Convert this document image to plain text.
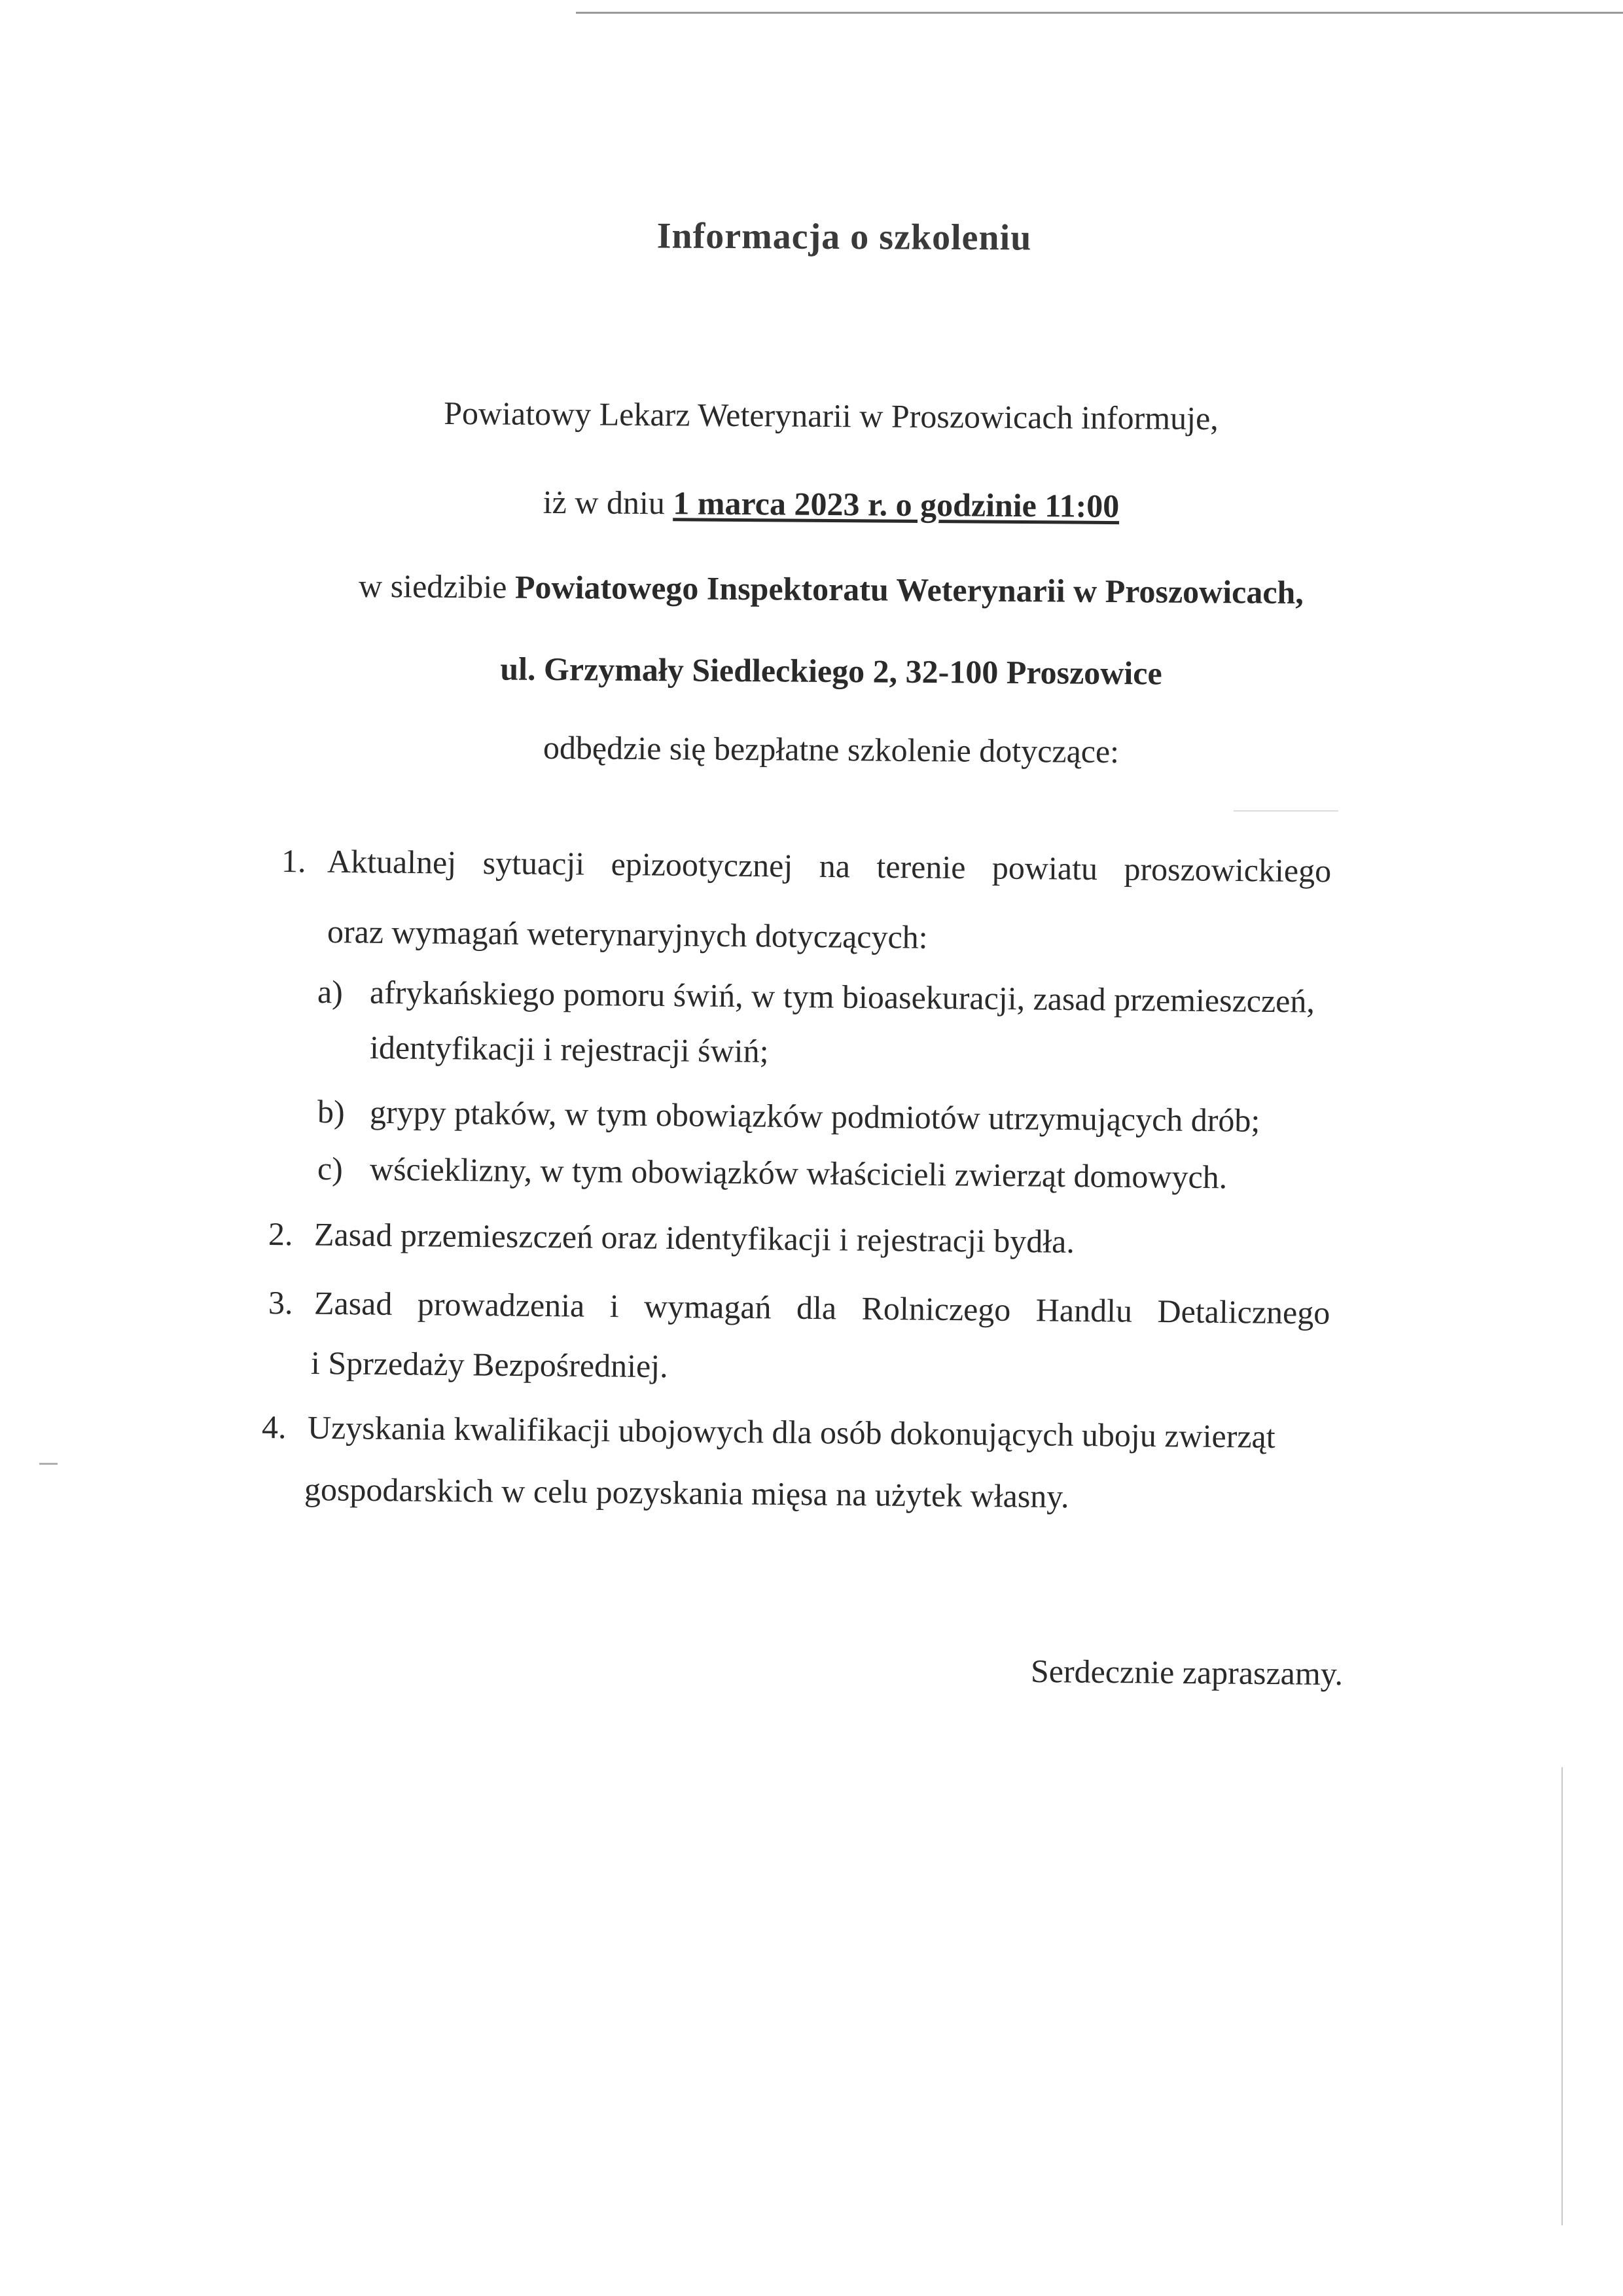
Informacja o szkoleniu
Powiatowy Lekarz Weterynarii w Proszowicach informuje,
iż w dniu 1 marca 2023 r. o godzinie 11:00
w siedzibie Powiatowego Inspektoratu Weterynarii w Proszowicach,
ul. Grzymały Siedleckiego 2, 32-100 Proszowice
odbędzie się bezpłatne szkolenie dotyczące:
1. Aktualnej sytuacji epizootycznej na terenie powiatu proszowickiego
oraz wymagań weterynaryjnych dotyczących:
a) afrykańskiego pomoru świń, w tym bioasekuracji, zasad przemieszczeń,
identyfikacji i rejestracji świń;
b) grypy ptaków, w tym obowiązków podmiotów utrzymujących drób;
c) wścieklizny, w tym obowiązków właścicieli zwierząt domowych.
2. Zasad przemieszczeń oraz identyfikacji i rejestracji bydła.
3. Zasad prowadzenia i wymagań dla Rolniczego Handlu Detalicznego
i Sprzedaży Bezpośredniej.
4. Uzyskania kwalifikacji ubojowych dla osób dokonujących uboju zwierząt
gospodarskich w celu pozyskania mięsa na użytek własny.
Serdecznie zapraszamy.
